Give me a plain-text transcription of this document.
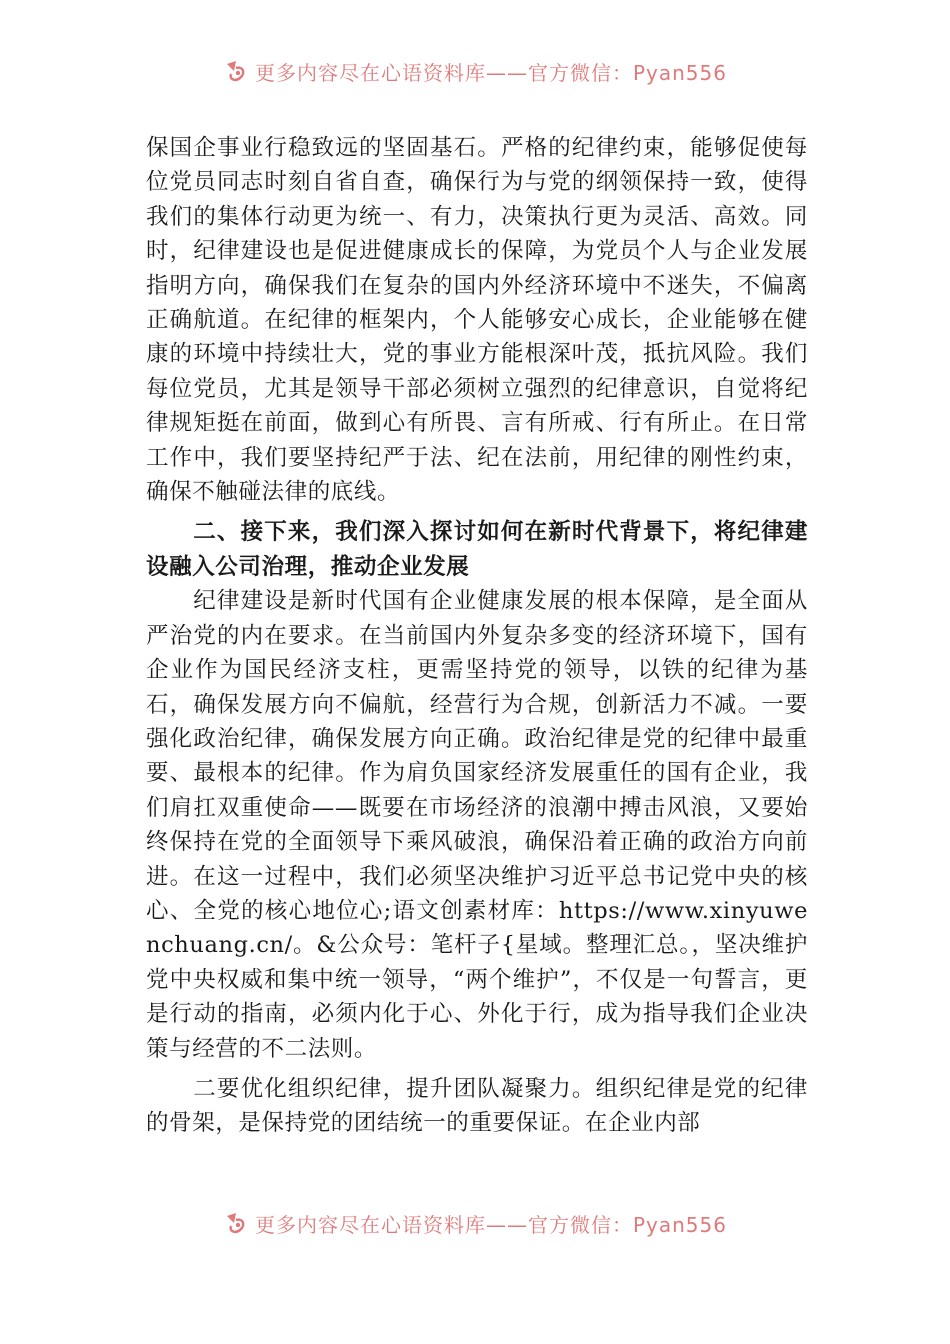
更多内容尽在心语资料库——官方微信：Pyan556

保国企事业行稳致远的坚固基石。严格的纪律约束，能够促使每位党员同志时刻自省自查，确保行为与党的纲领保持一致，使得我们的集体行动更为统一、有力，决策执行更为灵活、高效。同时，纪律建设也是促进健康成长的保障，为党员个人与企业发展指明方向，确保我们在复杂的国内外经济环境中不迷失，不偏离正确航道。在纪律的框架内，个人能够安心成长，企业能够在健康的环境中持续壮大，党的事业方能根深叶茂，抵抗风险。我们每位党员，尤其是领导干部必须树立强烈的纪律意识，自觉将纪律规矩挺在前面，做到心有所畏、言有所戒、行有所止。在日常工作中，我们要坚持纪严于法、纪在法前，用纪律的刚性约束，确保不触碰法律的底线。

二、接下来，我们深入探讨如何在新时代背景下，将纪律建设融入公司治理，推动企业发展

纪律建设是新时代国有企业健康发展的根本保障，是全面从严治党的内在要求。在当前国内外复杂多变的经济环境下，国有企业作为国民经济支柱，更需坚持党的领导，以铁的纪律为基石，确保发展方向不偏航，经营行为合规，创新活力不减。一要强化政治纪律，确保发展方向正确。政治纪律是党的纪律中最重要、最根本的纪律。作为肩负国家经济发展重任的国有企业，我们肩扛双重使命——既要在市场经济的浪潮中搏击风浪，又要始终保持在党的全面领导下乘风破浪，确保沿着正确的政治方向前进。在这一过程中，我们必须坚决维护习近平总书记党中央的核心、全党的核心地位心;语文创素材库：https://www.xinyuwenchuang.cn/。&公众号：笔杆子{星域。整理汇总。，坚决维护党中央权威和集中统一领导，“两个维护”，不仅是一句誓言，更是行动的指南，必须内化于心、外化于行，成为指导我们企业决策与经营的不二法则。

二要优化组织纪律，提升团队凝聚力。组织纪律是党的纪律的骨架，是保持党的团结统一的重要保证。在企业内部

更多内容尽在心语资料库——官方微信：Pyan556
